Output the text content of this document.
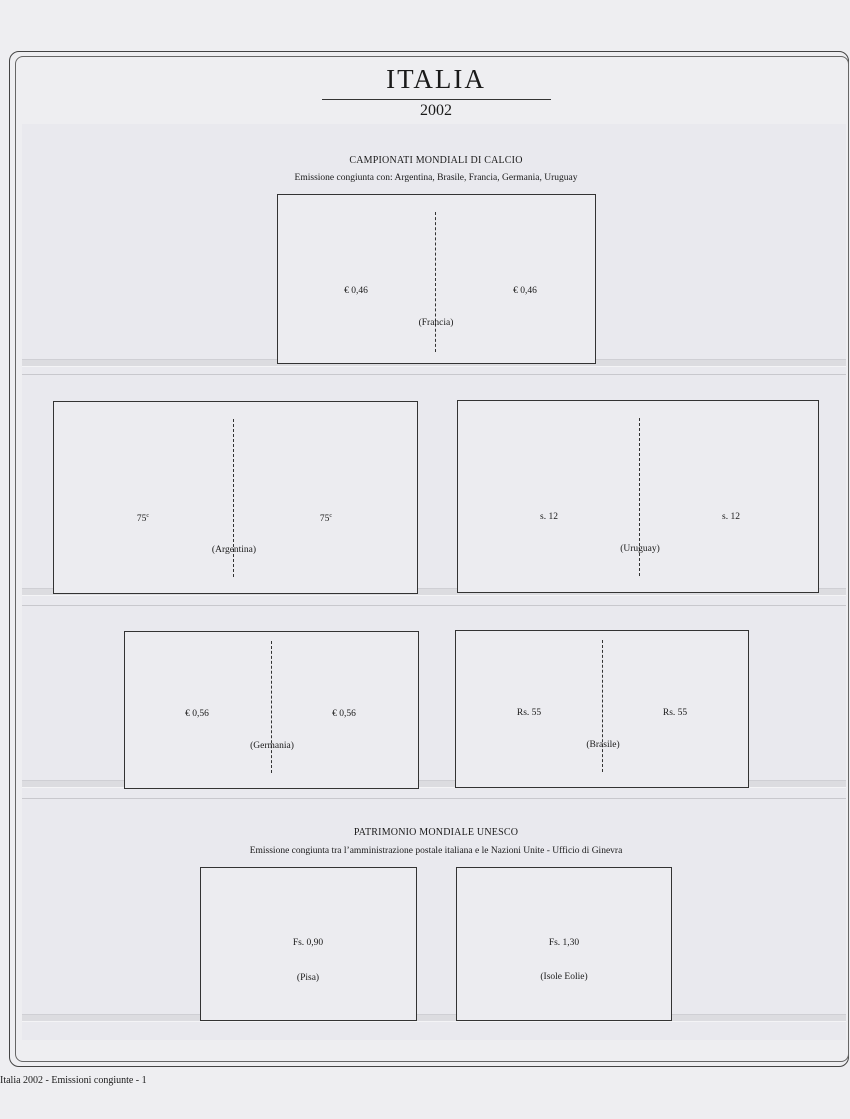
ITALIA
2002
CAMPIONATI MONDIALI DI CALCIO
Emissione congiunta con: Argentina, Brasile, Francia, Germania, Uruguay
€ 0,46	€ 0,46
(Francia)
75$^c$	75$^c$
(Argentina)
s. 12	s. 12
(Uruguay)
€ 0,56	€ 0,56
(Germania)
Rs. 55	Rs. 55
(Brasile)
PATRIMONIO MONDIALE UNESCO
Emissione congiunta tra l’amministrazione postale italiana e le Nazioni Unite - Ufficio di Ginevra
Fs. 0,90
(Pisa)
Fs. 1,30
(Isole Eolie)
Italia 2002 - Emissioni congiunte - 1
